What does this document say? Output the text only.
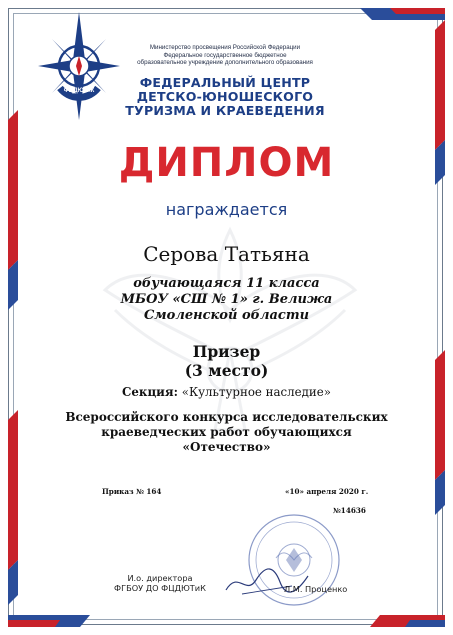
ФЦДЮТиК
Министерство просвещения Российской Федерации
Федеральное государственное бюджетное
образовательное учреждение дополнительного образования
ФЕДЕРАЛЬНЫЙ ЦЕНТР
ДЕТСКО-ЮНОШЕСКОГО
ТУРИЗМА И КРАЕВЕДЕНИЯ
ДИПЛОМ
награждается
Серова Татьяна
обучающаяся 11 класса
МБОУ «СШ № 1» г. Велижа
Смоленской области
Призер
(3 место)
Секция: «Культурное наследие»
Всероссийского конкурса исследовательских
краеведческих работ обучающихся «Отечество»
Приказ № 164	«10» апреля 2020 г.
№14636
И.о. директора
ФГБОУ ДО ФЦДЮТиК	Л.М. Проценко
